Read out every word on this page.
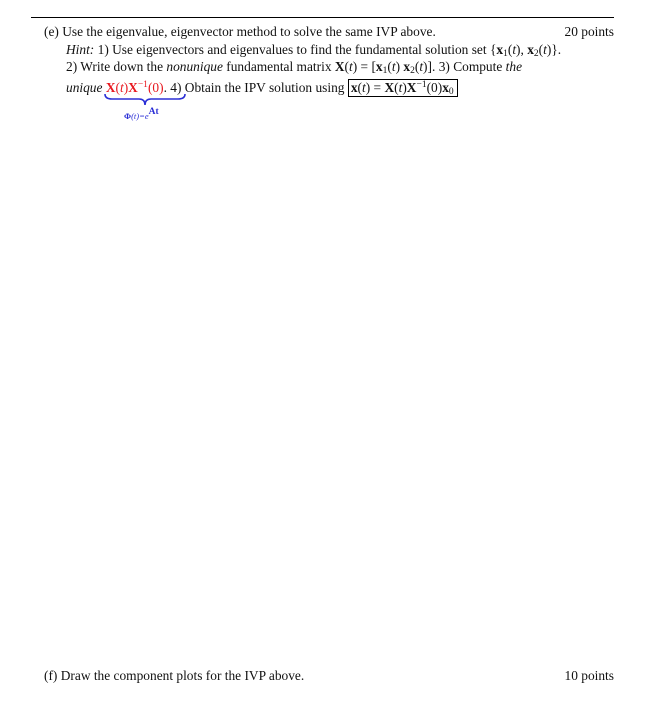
(e) Use the eigenvalue, eigenvector method to solve the same IVP above.	20 points
Hint: 1) Use eigenvectors and eigenvalues to find the fundamental solution set {$x_1(t)$, $x_2(t)$}.
2) Write down the nonunique fundamental matrix $X(t) = [x_1(t)$ $x_2(t)$]. 3) Compute the
unique $X(t)X^{-1}(0)$. 4) Obtain the IPV solution using $x(t) = X(t)X^{-1}(0)x_0$
Φ(t)=eAt
(f) Draw the component plots for the IVP above.	10 points
